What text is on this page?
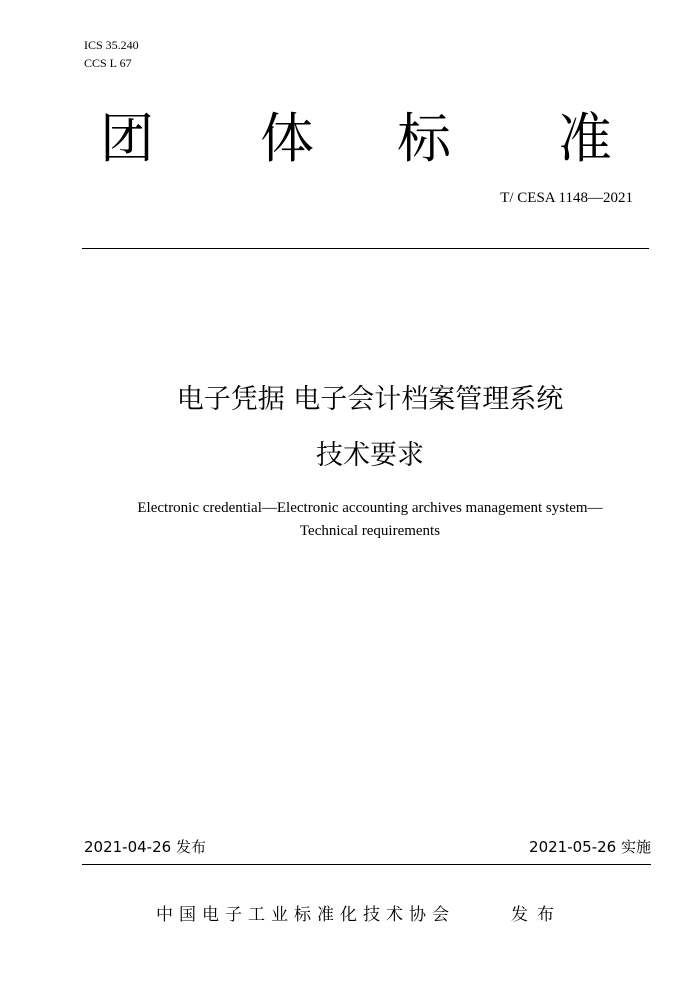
ICS 35.240
CCS L 67
团 体 标 准
T/ CESA 1148—2021
电子凭据 电子会计档案管理系统
技术要求
Electronic credential—Electronic accounting archives management system—
Technical requirements
2021-04-26 发布	2021-05-26 实施
中国电子工业标准化技术协会	发布
